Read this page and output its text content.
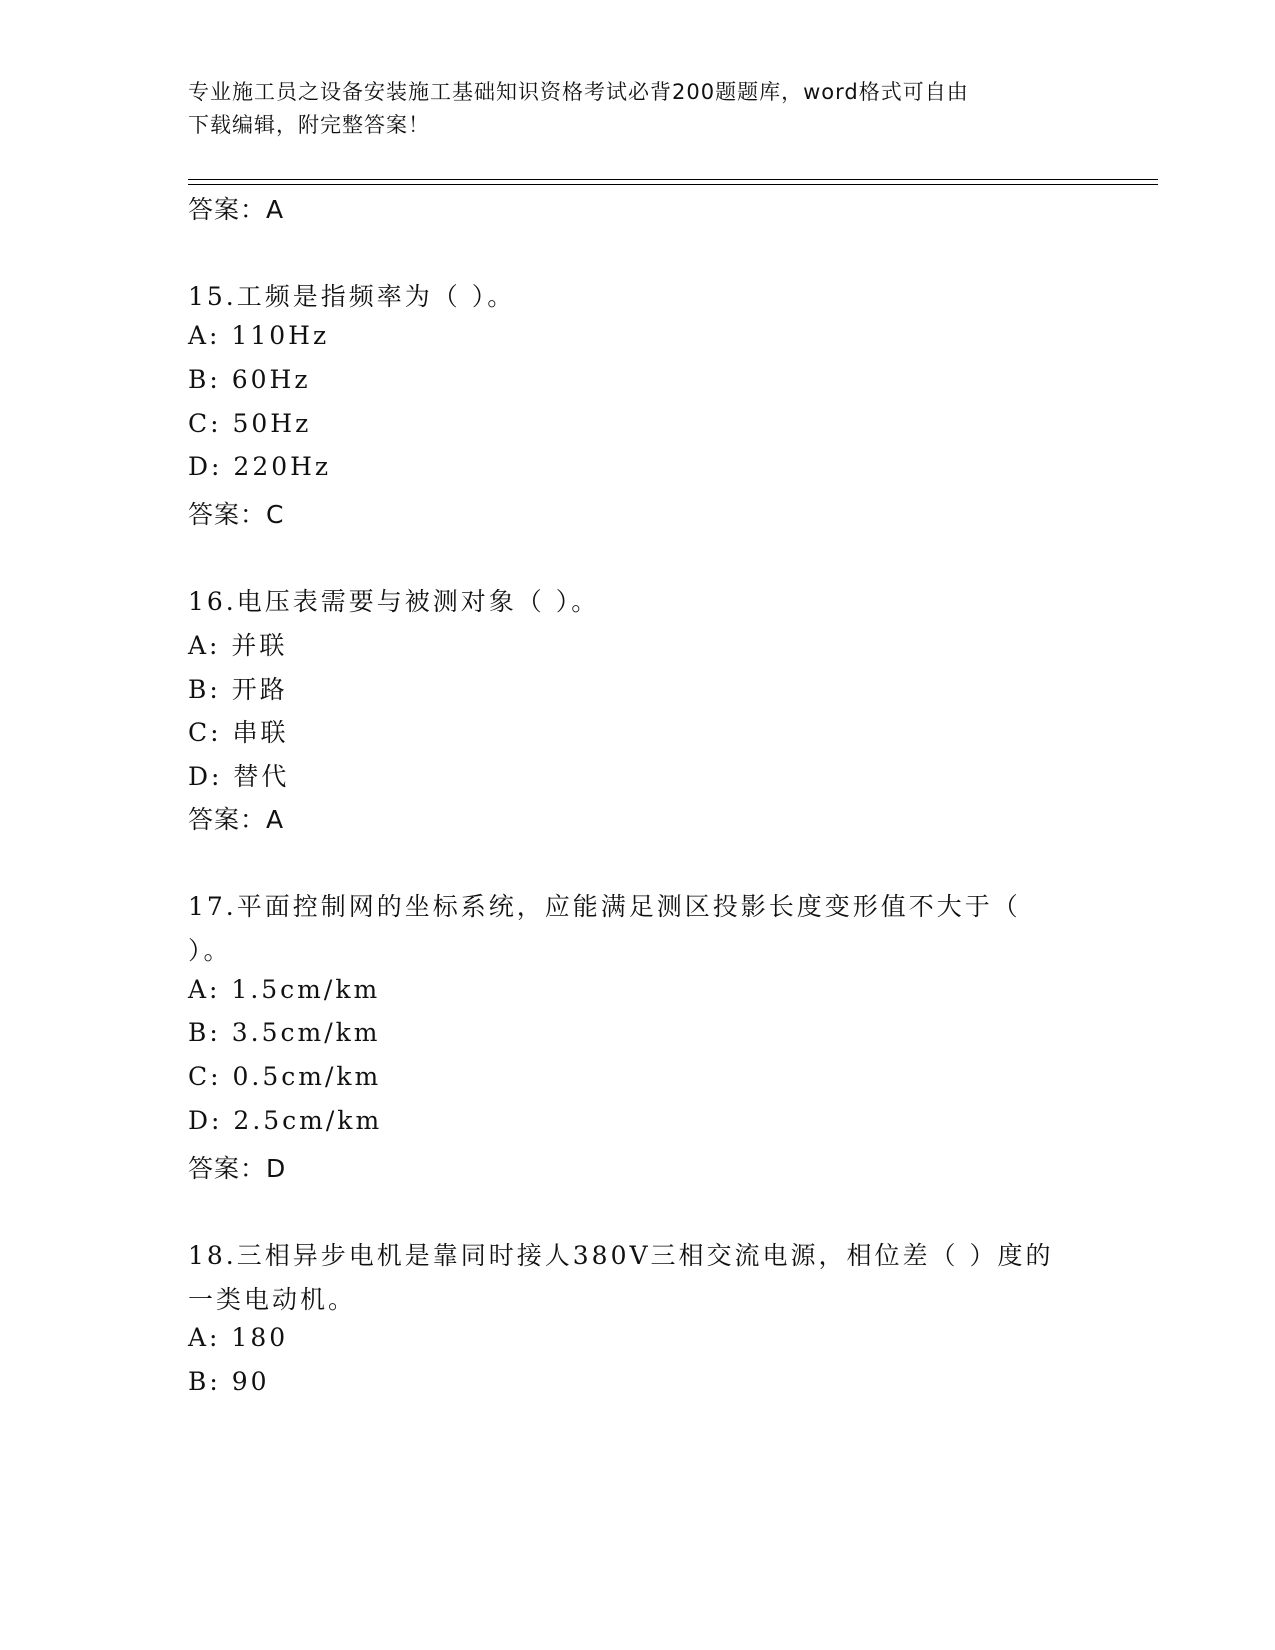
专业施工员之设备安装施工基础知识资格考试必背200题题库，word格式可自由
下载编辑，附完整答案！
答案：A
15.工频是指频率为（ ）。
A: 110Hz
B: 60Hz
C: 50Hz
D: 220Hz
答案：C
16.电压表需要与被测对象（ ）。
A: 并联
B: 开路
C: 串联
D: 替代
答案：A
17.平面控制网的坐标系统，应能满足测区投影长度变形值不大于（
）。
A: 1.5cm/km
B: 3.5cm/km
C: 0.5cm/km
D: 2.5cm/km
答案：D
18.三相异步电机是靠同时接人380V三相交流电源，相位差（ ）度的
一类电动机。
A: 180
B: 90
